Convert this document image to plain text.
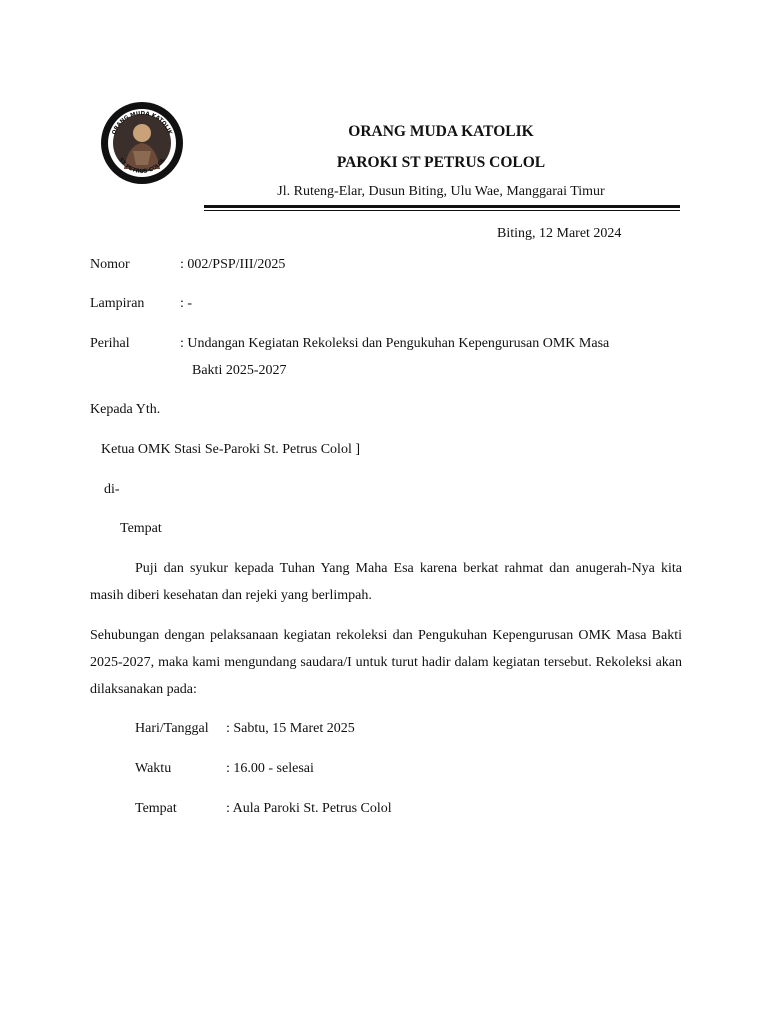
ORANG MUDA KATOLIK
ST PETRUS COLOL
ORANG MUDA KATOLIK
PAROKI ST PETRUS COLOL
Jl. Ruteng-Elar, Dusun Biting, Ulu Wae, Manggarai Timur
Biting, 12 Maret 2024
Nomor	: 002/PSP/III/2025
Lampiran	: -
Perihal	: Undangan Kegiatan Rekoleksi dan Pengukuhan Kepengurusan OMK Masa
Bakti 2025-2027
Kepada Yth.
Ketua OMK Stasi Se-Paroki St. Petrus Colol ]
di-
Tempat
Puji dan syukur kepada Tuhan Yang Maha Esa karena berkat rahmat dan anugerah-Nya kita masih diberi kesehatan dan rejeki yang berlimpah.
Sehubungan dengan pelaksanaan kegiatan rekoleksi dan Pengukuhan Kepengurusan OMK Masa Bakti 2025-2027, maka kami mengundang saudara/I untuk turut hadir dalam kegiatan tersebut. Rekoleksi akan dilaksanakan pada:
Hari/Tanggal : Sabtu, 15 Maret 2025
Waktu	: 16.00 - selesai
Tempat	: Aula Paroki St. Petrus Colol
